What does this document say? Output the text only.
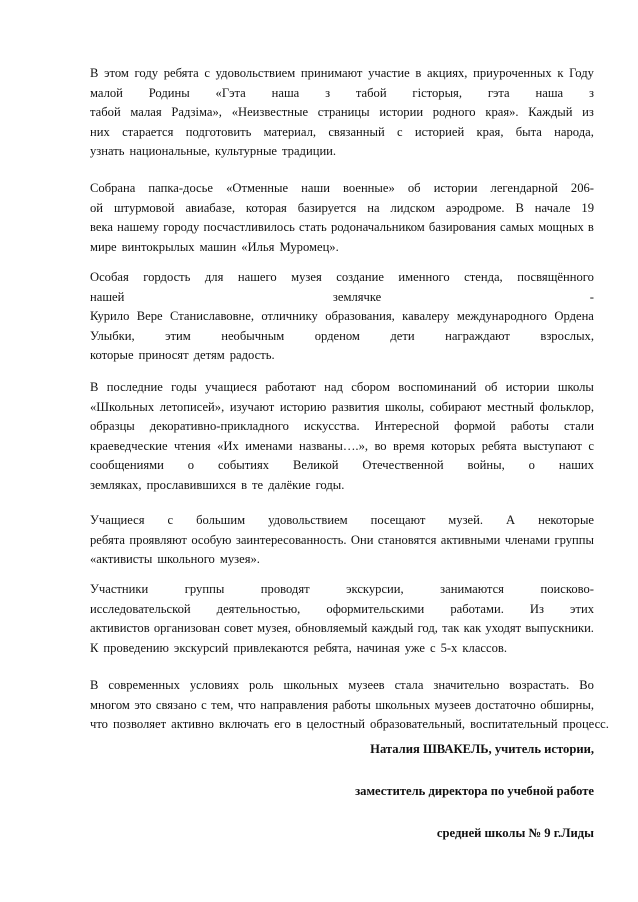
В этом году ребята с удовольствием принимают участие в акциях, приуроченных к Году
малой Родины «Гэта наша з табой гісторыя, гэта наша з
табой малая Радзіма», «Неизвестные страницы истории родного края». Каждый из
них старается подготовить материал, связанный с историей края, быта народа,
узнать национальные, культурные традиции.
Собрана папка-досье «Отменные наши военные» об истории легендарной 206-
ой штурмовой авиабазе, которая базируется на лидском аэродроме. В начале 19
века нашему городу посчастливилось стать родоначальником базирования самых мощных в
мире винтокрылых машин «Илья Муромец».
Особая гордость для нашего музея создание именного стенда, посвящённого
нашей	землячке	-
Курило Вере Станиславовне, отличнику образования, кавалеру международного Ордена
Улыбки, этим необычным орденом дети награждают взрослых,
которые приносят детям радость.
В последние годы учащиеся работают над сбором воспоминаний об истории школы
«Школьных летописей», изучают историю развития школы, собирают местный фольклор,
образцы декоративно-прикладного искусства. Интересной формой работы стали
краеведческие чтения «Их именами названы….», во время которых ребята выступают с
сообщениями о событиях Великой Отечественной войны, о наших
земляках, прославившихся в те далёкие годы.
Учащиеся с большим удовольствием посещают музей. А некоторые
ребята проявляют особую заинтересованность. Они становятся активными членами группы
«активисты школьного музея».
Участники	группы	проводят	экскурсии,	занимаются	поисково-
исследовательской деятельностью, оформительскими работами. Из этих
активистов организован совет музея, обновляемый каждый год, так как уходят выпускники.
К проведению экскурсий привлекаются ребята, начиная уже с 5-х классов.
В современных условиях роль школьных музеев стала значительно возрастать. Во
многом это связано с тем, что направления работы школьных музеев достаточно обширны,
что позволяет активно включать его в целостный образовательный, воспитательный процесс.
Наталия ШВАКЕЛЬ, учитель истории,
заместитель директора по учебной работе
средней школы № 9 г.Лиды
